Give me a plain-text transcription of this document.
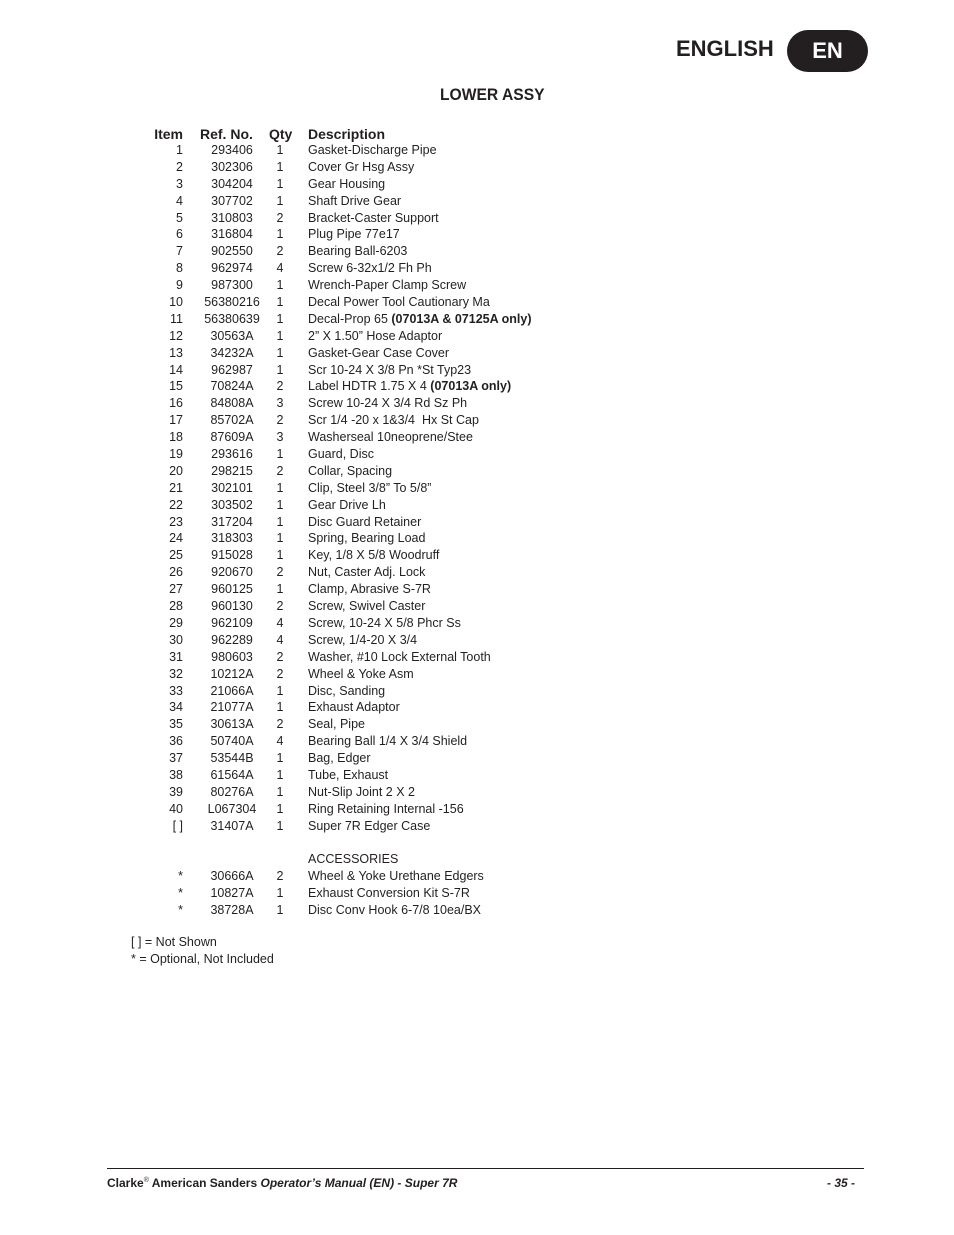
ENGLISH	EN
LOWER ASSY
Item Ref. No. Qty Description
1	293406	1	Gasket-Discharge Pipe
2	302306	1	Cover Gr Hsg Assy
3	304204	1	Gear Housing
4	307702	1	Shaft Drive Gear
5	310803	2	Bracket-Caster Support
6	316804	1	Plug Pipe 77e17
7	902550	2	Bearing Ball-6203
8	962974	4	Screw 6-32x1/2 Fh Ph
9	987300	1	Wrench-Paper Clamp Screw
10	56380216	1	Decal Power Tool Cautionary Ma
11	56380639	1	Decal-Prop 65 (07013A & 07125A only)
12	30563A	1	2” X 1.50” Hose Adaptor
13	34232A	1	Gasket-Gear Case Cover
14	962987	1	Scr 10-24 X 3/8 Pn *St Typ23
15	70824A	2	Label HDTR 1.75 X 4 (07013A only)
16	84808A	3	Screw 10-24 X 3/4 Rd Sz Ph
17	85702A	2	Scr 1/4 -20 x 1&3/4  Hx St Cap
18	87609A	3	Washerseal 10neoprene/Stee
19	293616	1	Guard, Disc
20	298215	2	Collar, Spacing
21	302101	1	Clip, Steel 3/8” To 5/8”
22	303502	1	Gear Drive Lh
23	317204	1	Disc Guard Retainer
24	318303	1	Spring, Bearing Load
25	915028	1	Key, 1/8 X 5/8 Woodruff
26	920670	2	Nut, Caster Adj. Lock
27	960125	1	Clamp, Abrasive S-7R
28	960130	2	Screw, Swivel Caster
29	962109	4	Screw, 10-24 X 5/8 Phcr Ss
30	962289	4	Screw, 1/4-20 X 3/4
31	980603	2	Washer, #10 Lock External Tooth
32	10212A	2	Wheel & Yoke Asm
33	21066A	1	Disc, Sanding
34	21077A	1	Exhaust Adaptor
35	30613A	2	Seal, Pipe
36	50740A	4	Bearing Ball 1/4 X 3/4 Shield
37	53544B	1	Bag, Edger
38	61564A	1	Tube, Exhaust
39	80276A	1	Nut-Slip Joint 2 X 2
40	L067304	1	Ring Retaining Internal -156
[ ]	31407A	1	Super 7R Edger Case
ACCESSORIES
*	30666A	2	Wheel & Yoke Urethane Edgers
*	10827A	1	Exhaust Conversion Kit S-7R
*	38728A	1	Disc Conv Hook 6-7/8 10ea/BX
[ ] = Not Shown
* = Optional, Not Included
Clarke® American Sanders Operator’s Manual (EN) - Super 7R	- 35 -
